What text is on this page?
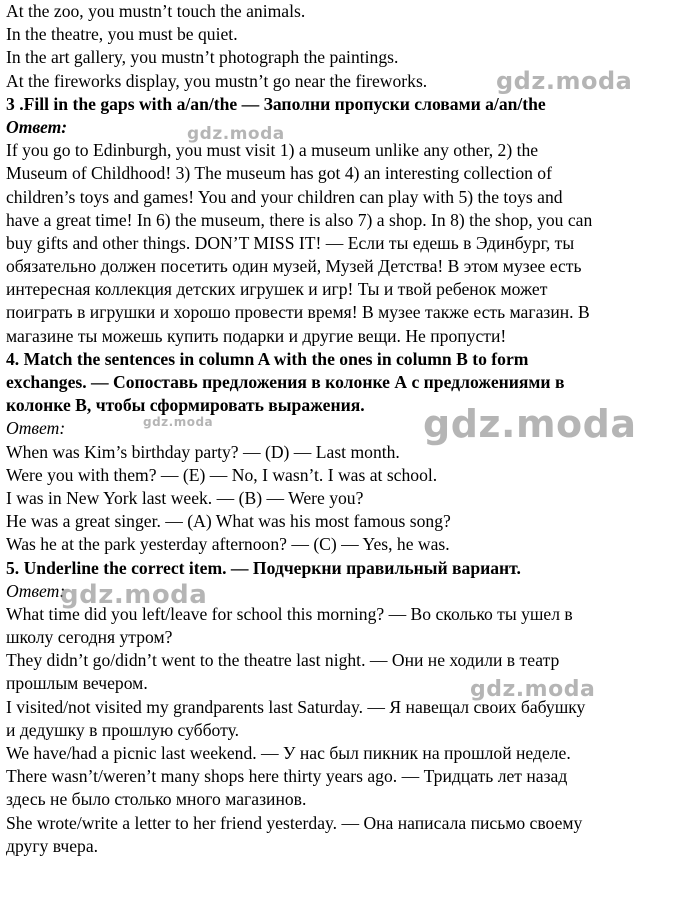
At the zoo, you mustn’t touch the animals.
In the theatre, you must be quiet.
In the art gallery, you mustn’t photograph the paintings.
At the fireworks display, you mustn’t go near the fireworks.
3 .Fill in the gaps with a/an/the — Заполни пропуски словами a/an/the
Ответ:
If you go to Edinburgh, you must visit 1) a museum unlike any other, 2) the
Museum of Childhood! 3) The museum has got 4) an interesting collection of
children’s toys and games! You and your children can play with 5) the toys and
have a great time! In 6) the museum, there is also 7) a shop. In 8) the shop, you can
buy gifts and other things. DON’T MISS IT! — Если ты едешь в Эдинбург, ты
обязательно должен посетить один музей, Музей Детства! В этом музее есть
интересная коллекция детских игрушек и игр! Ты и твой ребенок может
поиграть в игрушки и хорошо провести время! В музее также есть магазин. В
магазине ты можешь купить подарки и другие вещи. Не пропусти!
4. Match the sentences in column A with the ones in column B to form
exchanges. — Сопоставь предложения в колонке А с предложениями в
колонке В, чтобы сформировать выражения.
Ответ:
When was Kim’s birthday party? — (D) — Last month.
Were you with them? — (E) — No, I wasn’t. I was at school.
I was in New York last week. — (B) — Were you?
He was a great singer. — (A) What was his most famous song?
Was he at the park yesterday afternoon? — (C) — Yes, he was.
5. Underline the correct item. — Подчеркни правильный вариант.
Ответ:
What time did you left/leave for school this morning? — Во сколько ты ушел в
школу сегодня утром?
They didn’t go/didn’t went to the theatre last night. — Они не ходили в театр
прошлым вечером.
I visited/not visited my grandparents last Saturday. — Я навещал своих бабушку
и дедушку в прошлую субботу.
We have/had a picnic last weekend. — У нас был пикник на прошлой неделе.
There wasn’t/weren’t many shops here thirty years ago. — Тридцать лет назад
здесь не было столько много магазинов.
She wrote/write a letter to her friend yesterday. — Она написала письмо своему
другу вчера.
gdz.moda
gdz.moda
gdz.moda	gdz.moda
gdz.moda
gdz.moda
